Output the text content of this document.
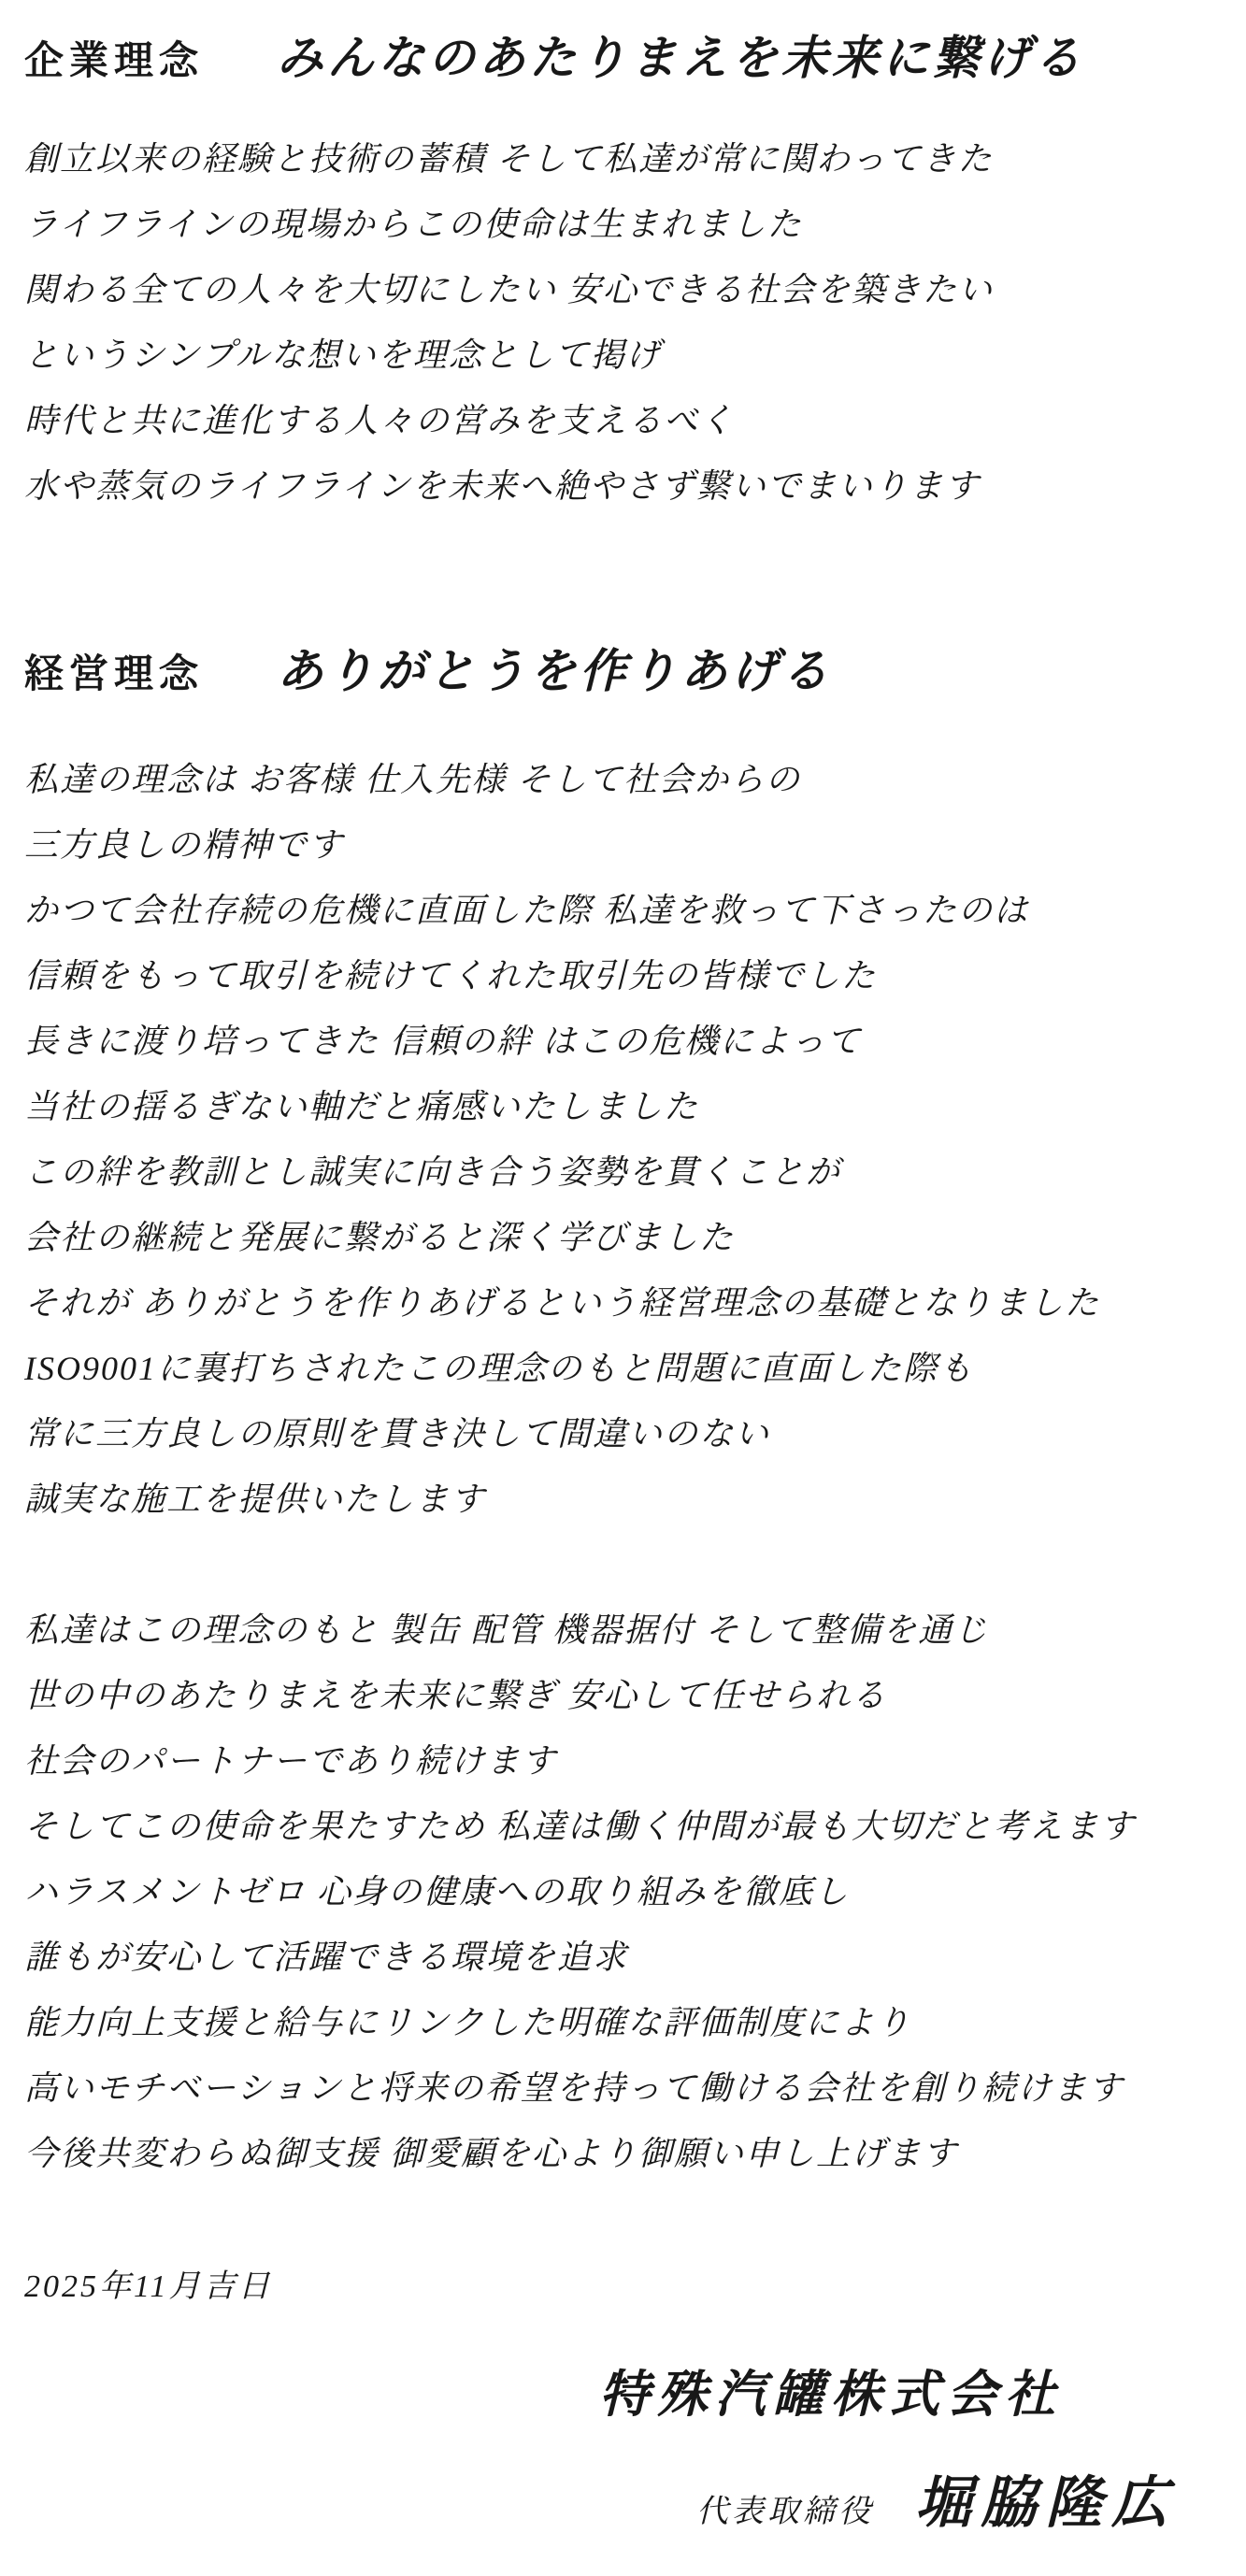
企業理念 みんなのあたりまえを未来に繋げる
創立以来の経験と技術の蓄積 そして私達が常に関わってきた
ライフラインの現場からこの使命は生まれました
関わる全ての人々を大切にしたい 安心できる社会を築きたい
というシンプルな想いを理念として掲げ
時代と共に進化する人々の営みを支えるべく
水や蒸気のライフラインを未来へ絶やさず繋いでまいります
経営理念 ありがとうを作りあげる
私達の理念は お客様 仕入先様 そして社会からの
三方良しの精神です
かつて会社存続の危機に直面した際 私達を救って下さったのは
信頼をもって取引を続けてくれた取引先の皆様でした
長きに渡り培ってきた 信頼の絆 はこの危機によって
当社の揺るぎない軸だと痛感いたしました
この絆を教訓とし誠実に向き合う姿勢を貫くことが
会社の継続と発展に繋がると深く学びました
それが ありがとうを作りあげるという経営理念の基礎となりました
ISO9001に裏打ちされたこの理念のもと問題に直面した際も
常に三方良しの原則を貫き決して間違いのない
誠実な施工を提供いたします
私達はこの理念のもと 製缶 配管 機器据付 そして整備を通じ
世の中のあたりまえを未来に繋ぎ 安心して任せられる
社会のパートナーであり続けます
そしてこの使命を果たすため 私達は働く仲間が最も大切だと考えます
ハラスメントゼロ 心身の健康への取り組みを徹底し
誰もが安心して活躍できる環境を追求
能力向上支援と給与にリンクした明確な評価制度により
高いモチベーションと将来の希望を持って働ける会社を創り続けます
今後共変わらぬ御支援 御愛顧を心より御願い申し上げます
2025年11月吉日
特殊汽罐株式会社
代表取締役 堀脇隆広
